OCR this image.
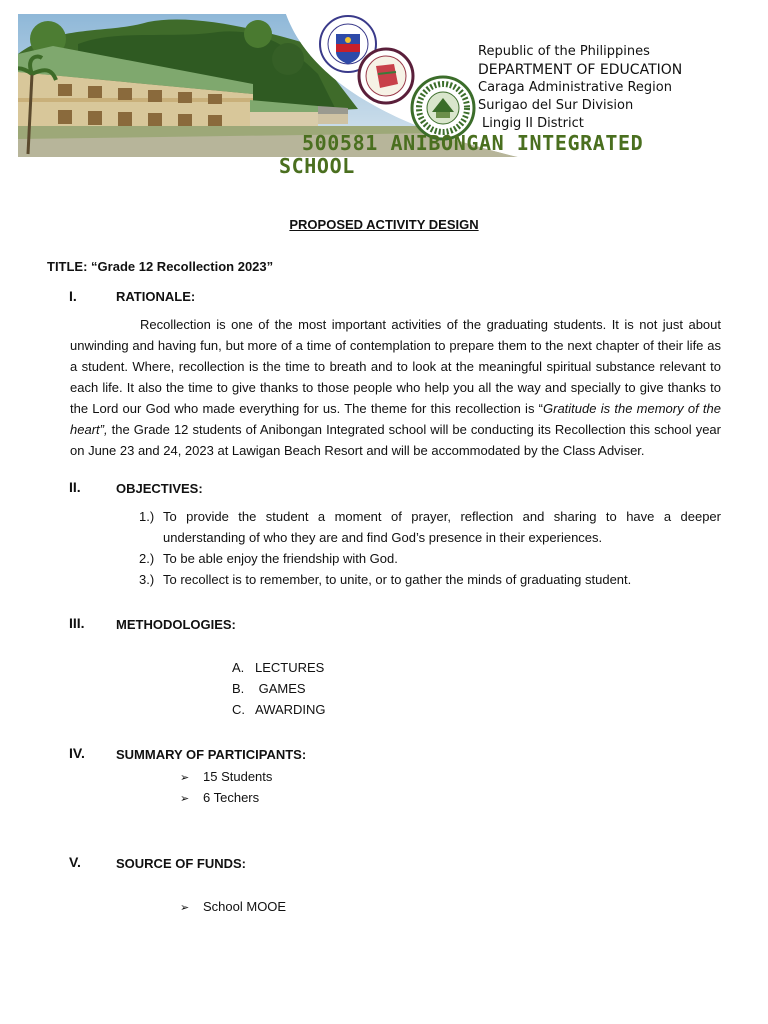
Republic of the Philippines
DEPARTMENT OF EDUCATION
Caraga Administrative Region
Surigao del Sur Division
Lingig II District
500581 ANIBONGAN INTEGRATED
SCHOOL
PROPOSED ACTIVITY DESIGN
TITLE: “Grade 12 Recollection 2023”
I.	RATIONALE:

Recollection is one of the most important activities of the graduating students. It is not just about unwinding and having fun, but more of a time of contemplation to prepare them to the next chapter of their life as a student. Where, recollection is the time to breath and to look at the meaningful spiritual substance relevant to each life. It also the time to give thanks to those people who help you all the way and specially to give thanks to the Lord our God who made everything for us. The theme for this recollection is “Gratitude is the memory of the heart”, the Grade 12 students of Anibongan Integrated school will be conducting its Recollection this school year on June 23 and 24, 2023 at Lawigan Beach Resort and will be accommodated by the Class Adviser.

II.	OBJECTIVES:
1.) To provide the student a moment of prayer, reflection and sharing to have a deeper understanding of who they are and find God’s presence in their experiences.
2.) To be able enjoy the friendship with God.
3.) To recollect is to remember, to unite, or to gather the minds of graduating student.
III. METHODOLOGIES:
A. LECTURES
B. GAMES
C. AWARDING
IV. SUMMARY OF PARTICIPANTS:
➢ 15 Students
➢ 6 Techers
V.	SOURCE OF FUNDS:
➢ School MOOE
